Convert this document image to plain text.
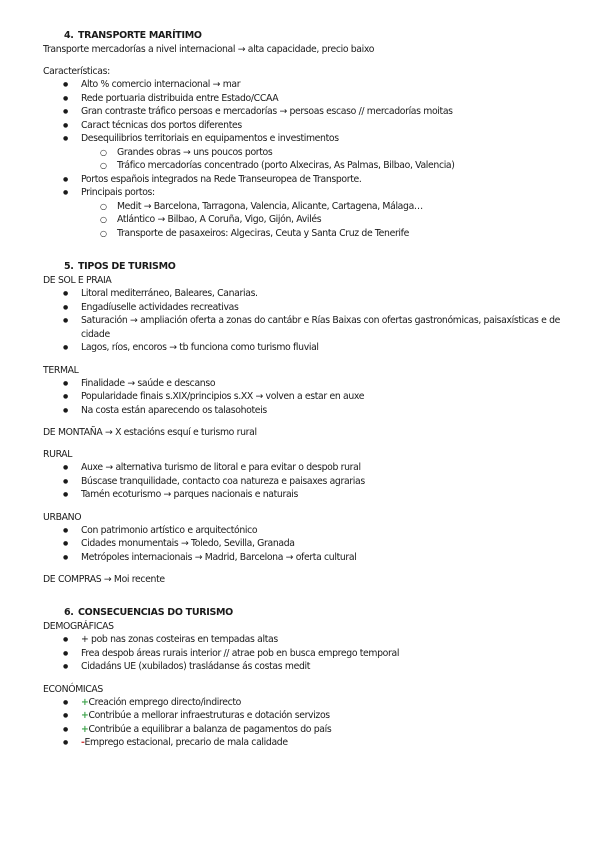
4. TRANSPORTE MARÍTIMO
Transporte mercadorías a nivel internacional → alta capacidade, precio baixo
Características:
● Alto % comercio internacional → mar
● Rede portuaria distribuida entre Estado/CCAA
● Gran contraste tráfico persoas e mercadorías → persoas escaso // mercadorías moitas
● Caract técnicas dos portos diferentes
● Desequilibrios territoriais en equipamentos e investimentos
○ Grandes obras → uns poucos portos
○ Tráfico mercadorías concentrado (porto Alxeciras, As Palmas, Bilbao, Valencia)
● Portos españois integrados na Rede Transeuropea de Transporte.
● Principais portos:
○ Medit → Barcelona, Tarragona, Valencia, Alicante, Cartagena, Málaga…
○ Atlántico → Bilbao, A Coruña, Vigo, Gijón, Avilés
○ Transporte de pasaxeiros: Algeciras, Ceuta y Santa Cruz de Tenerife
5. TIPOS DE TURISMO
DE SOL E PRAIA
● Litoral mediterráneo, Baleares, Canarias.
● Engadíuselle actividades recreativas
● Saturación → ampliación oferta a zonas do cantábr e Rías Baixas con ofertas gastronómicas, paisaxísticas e de cidade
● Lagos, ríos, encoros → tb funciona como turismo fluvial
TERMAL
● Finalidade → saúde e descanso
● Popularidade finais s.XIX/principios s.XX → volven a estar en auxe
● Na costa están aparecendo os talasohoteis
DE MONTAÑA → X estacións esquí e turismo rural
RURAL
● Auxe → alternativa turismo de litoral e para evitar o despob rural
● Búscase tranquilidade, contacto coa natureza e paisaxes agrarias
● Tamén ecoturismo → parques nacionais e naturais
URBANO
● Con patrimonio artístico e arquitectónico
● Cidades monumentais → Toledo, Sevilla, Granada
● Metrópoles internacionais → Madrid, Barcelona → oferta cultural
DE COMPRAS → Moi recente
6. CONSECUENCIAS DO TURISMO
DEMOGRÁFICAS
● + pob nas zonas costeiras en tempadas altas
● Frea despob áreas rurais interior // atrae pob en busca emprego temporal
● Cidadáns UE (xubilados) trasládanse ás costas medit
ECONÓMICAS
● +Creación emprego directo/indirecto
● +Contribúe a mellorar infraestruturas e dotación servizos
● +Contribúe a equilibrar a balanza de pagamentos do país
● -Emprego estacional, precario de mala calidade
